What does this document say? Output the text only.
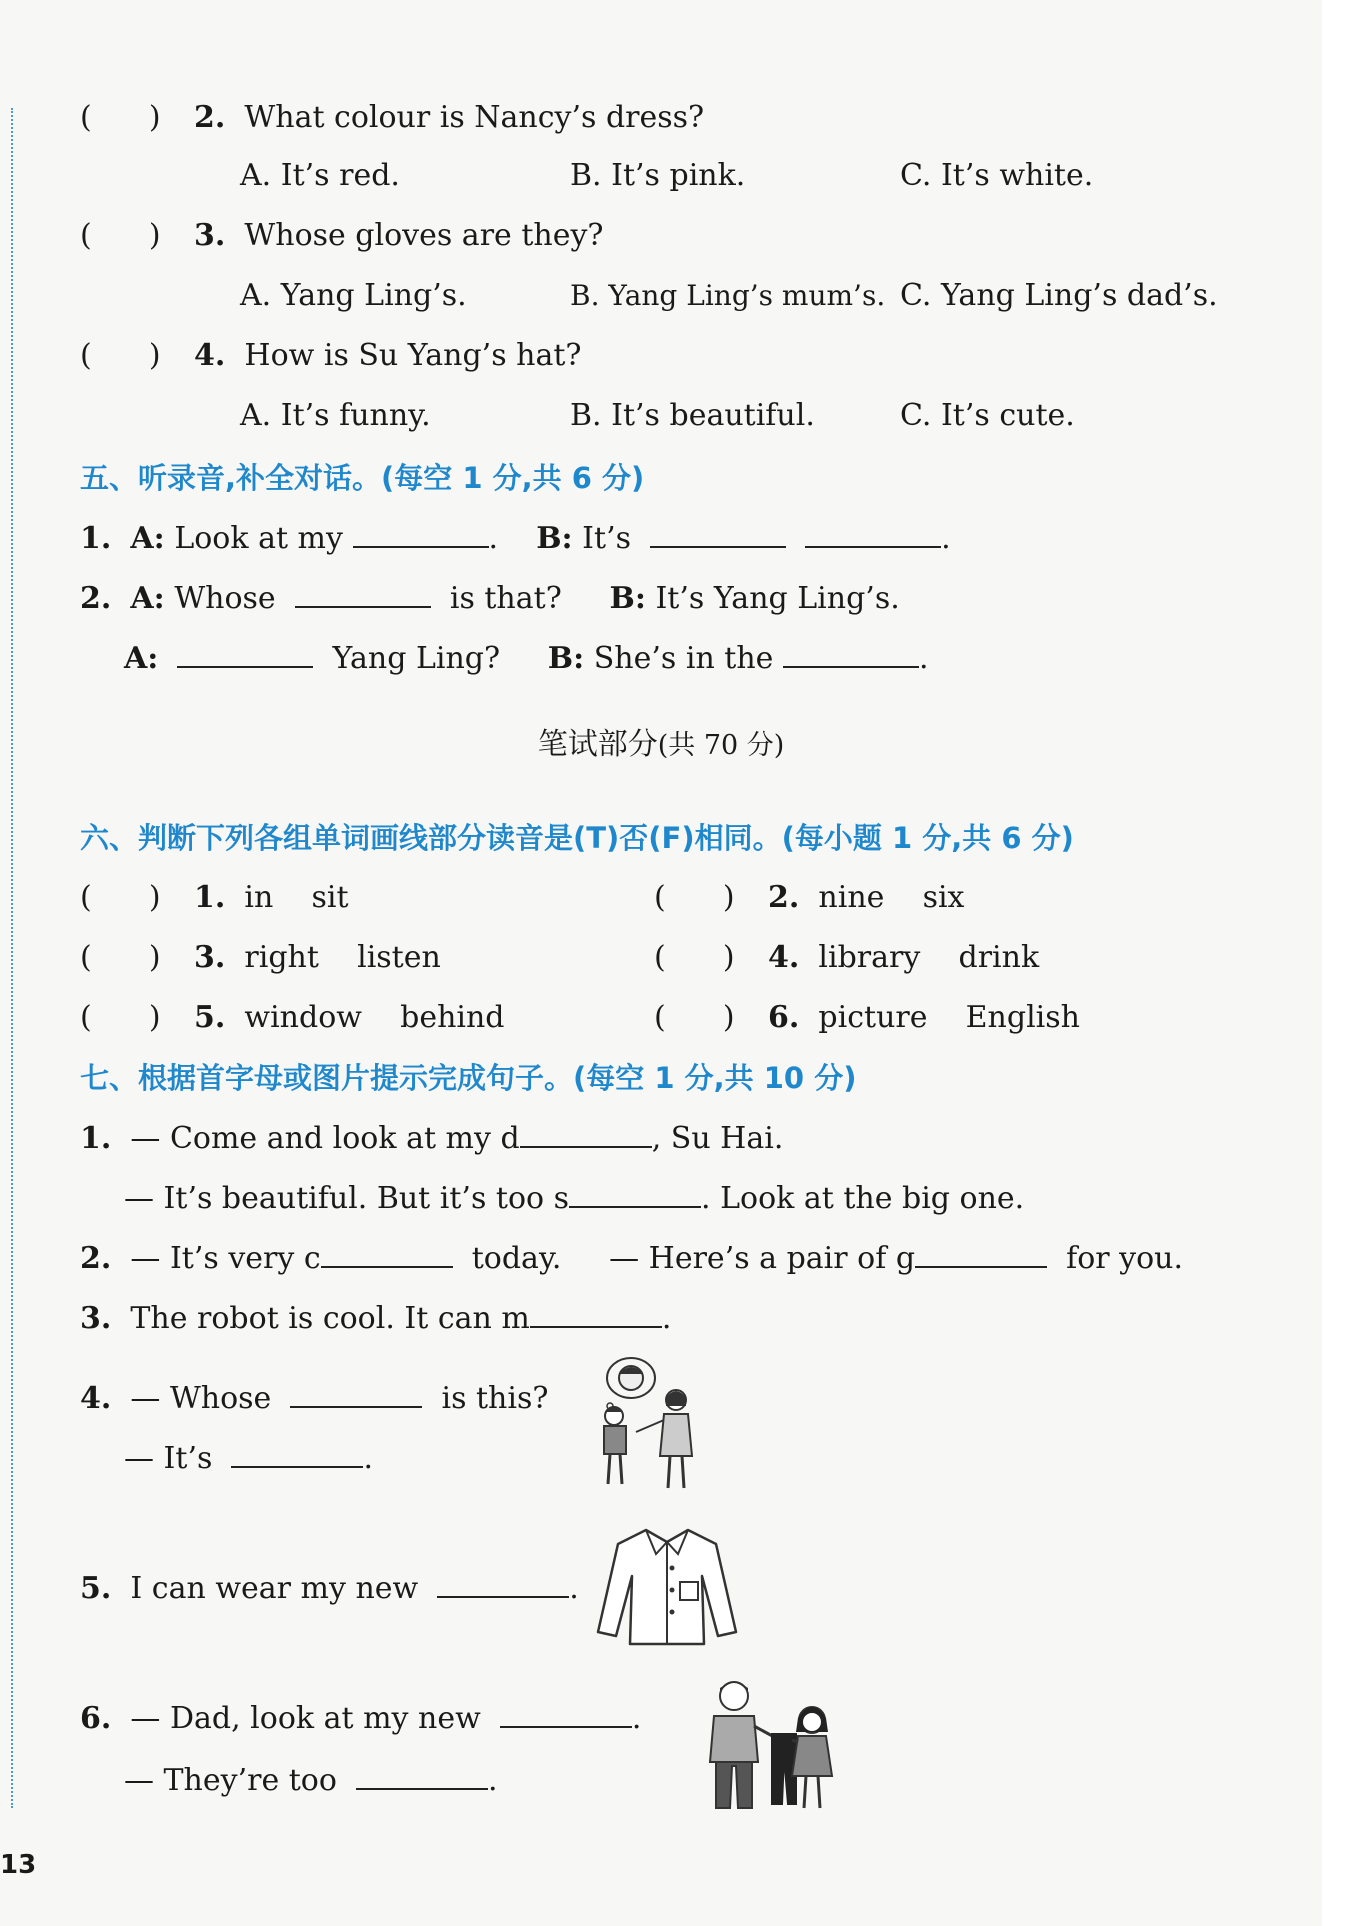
(      ) 2. What colour is Nancy’s dress?
A. It’s red.	B. It’s pink.	C. It’s white.
(      ) 3. Whose gloves are they?
A. Yang Ling’s.	B. Yang Ling’s mum’s. C. Yang Ling’s dad’s.
(      ) 4. How is Su Yang’s hat?
A. It’s funny.	B. It’s beautiful.	C. It’s cute.
五、听录音,补全对话。(每空 1 分,共 6 分)
1. A: Look at my	.    B: It’s	.
2. A: Whose	is that? B: It’s Yang Ling’s.
A:	Yang Ling? B: She’s in the	.
笔试部分(共 70 分)
六、判断下列各组单词画线部分读音是(T)否(F)相同。(每小题 1 分,共 6 分)
(      ) 1. in sit	(      ) 2. nine six
(      ) 3. right listen	(      ) 4. library drink
(      ) 5. window behind	(      ) 6. picture English
七、根据首字母或图片提示完成句子。(每空 1 分,共 10 分)
1. — Come and look at my d	, Su Hai.
— It’s beautiful. But it’s too s	. Look at the big one.
2. — It’s very c	today. — Here’s a pair of g	for you.
3. The robot is cool. It can m	.
4. — Whose	is this?
— It’s	.
5. I can wear my new	.
6. — Dad, look at my new	.
— They’re too	.
13
